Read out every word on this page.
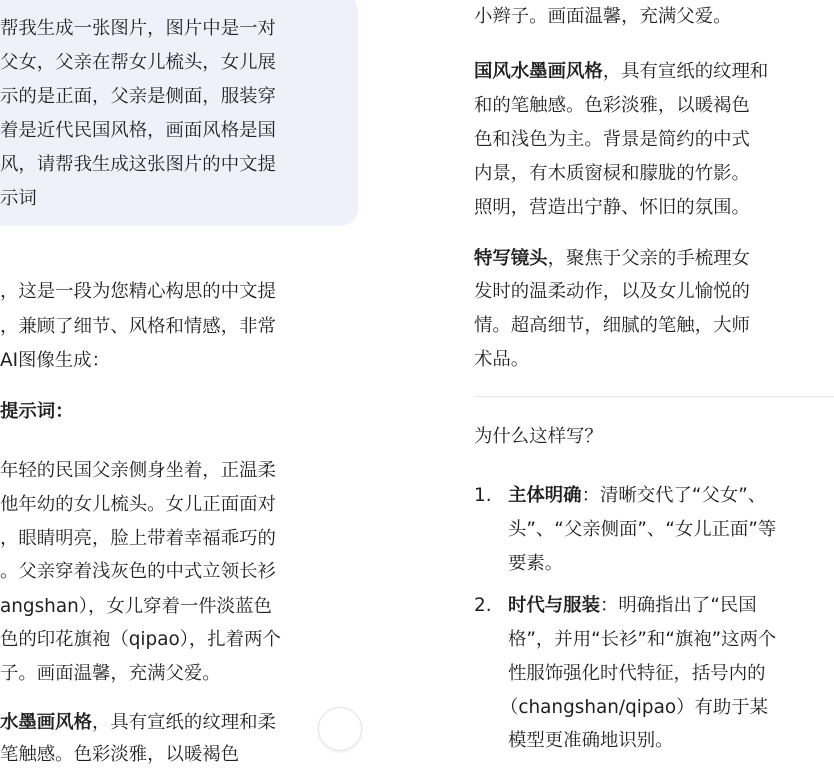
帮我生成一张图片，图片中是一对
父女，父亲在帮女儿梳头，女儿展
示的是正面，父亲是侧面，服装穿
着是近代民国风格，画面风格是国
风，请帮我生成这张图片的中文提
示词
，这是一段为您精心构思的中文提
，兼顾了细节、风格和情感，非常
AI图像生成：
提示词：
年轻的民国父亲侧身坐着，正温柔
他年幼的女儿梳头。女儿正面面对
，眼睛明亮，脸上带着幸福乖巧的
。父亲穿着浅灰色的中式立领长衫
angshan），女儿穿着一件淡蓝色
色的印花旗袍（qipao），扎着两个
子。画面温馨，充满父爱。
水墨画风格，具有宣纸的纹理和柔
笔触感。色彩淡雅，以暖褐色
小辫子。画面温馨，充满父爱。
国风水墨画风格，具有宣纸的纹理和
和的笔触感。色彩淡雅，以暖褐色
色和浅色为主。背景是简约的中式
内景，有木质窗棂和朦胧的竹影。
照明，营造出宁静、怀旧的氛围。
特写镜头，聚焦于父亲的手梳理女
发时的温柔动作，以及女儿愉悦的
情。超高细节，细腻的笔触，大师
术品。
为什么这样写？
1. 主体明确：清晰交代了“父女”、
头”、“父亲侧面”、“女儿正面”等
要素。
2. 时代与服装：明确指出了“民国
格”，并用“长衫”和“旗袍”这两个
性服饰强化时代特征，括号内的
（changshan/qipao）有助于某
模型更准确地识别。
